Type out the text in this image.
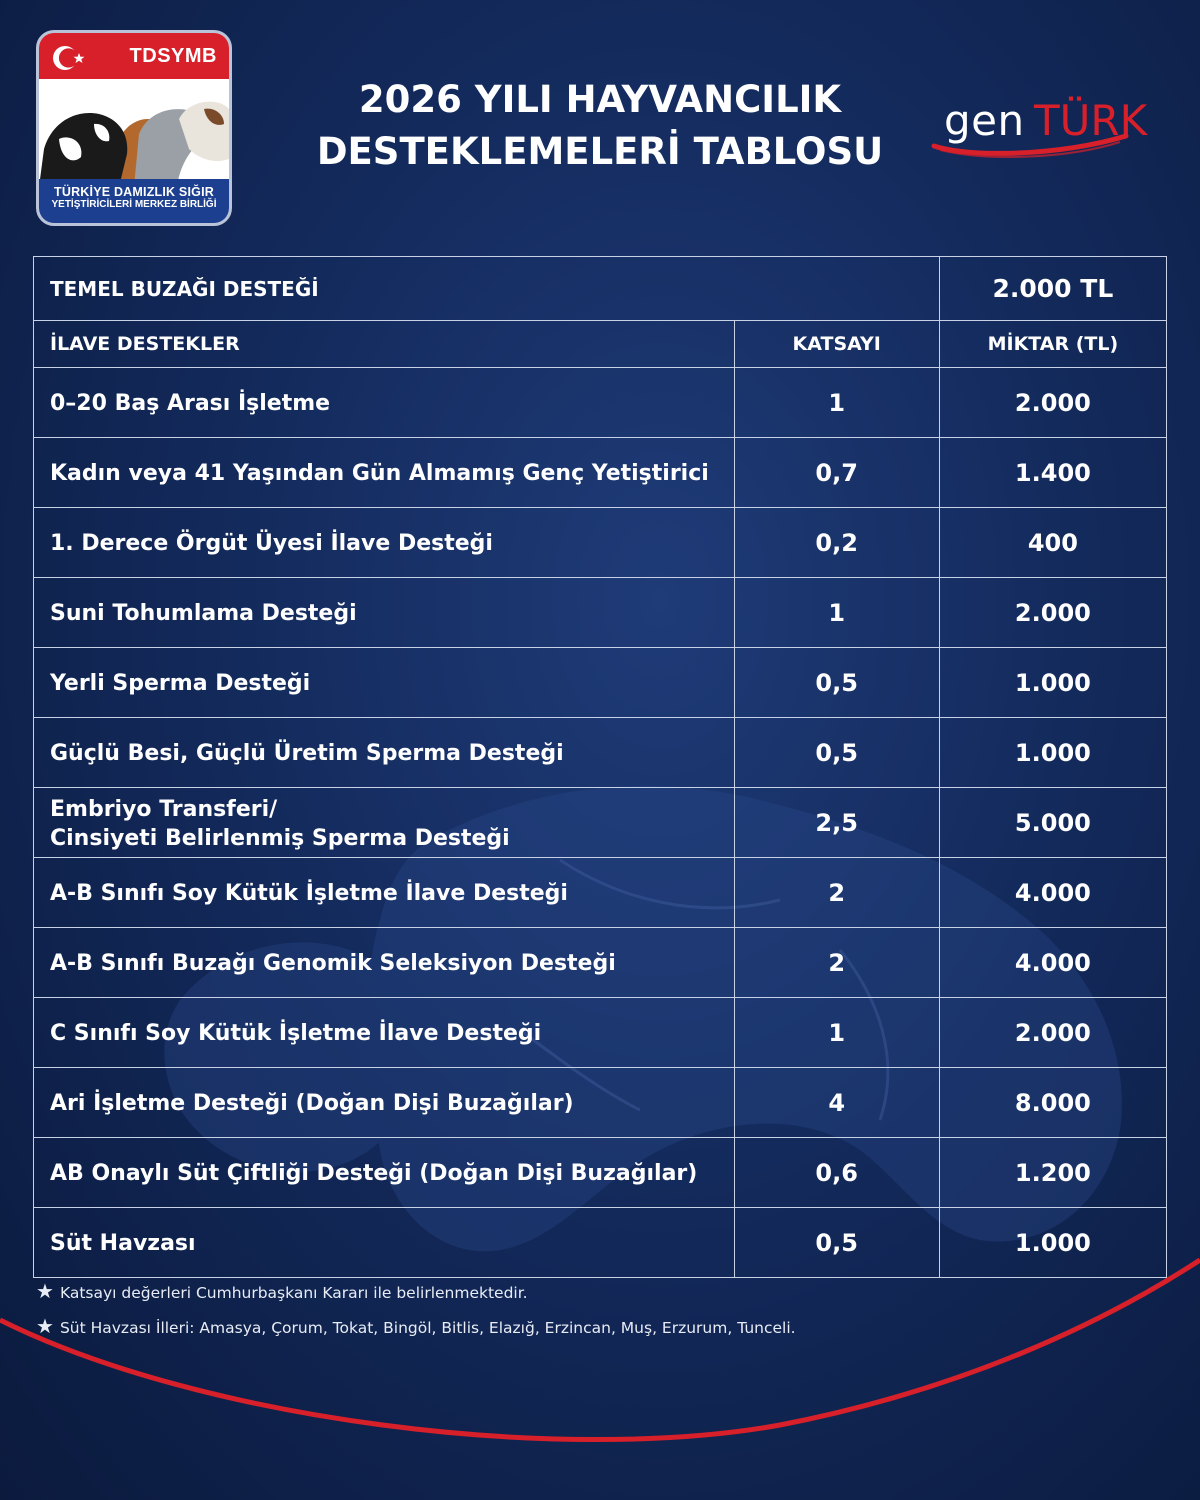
TDSYMB
TÜRKİYE DAMIZLIK SIĞIR
YETİŞTİRİCİLERİ MERKEZ BİRLİĞİ
2026 YILI HAYVANCILIK
DESTEKLEMELERİ TABLOSU
gen TÜRK
TEMEL BUZAĞI DESTEĞİ		2.000 TL
İLAVE DESTEKLER	KATSAYI	MİKTAR (TL)
0–20 Baş Arası İşletme	1	2.000
Kadın veya 41 Yaşından Gün Almamış Genç Yetiştirici	0,7	1.400
1. Derece Örgüt Üyesi İlave Desteği	0,2	400
Suni Tohumlama Desteği	1	2.000
Yerli Sperma Desteği	0,5	1.000
Güçlü Besi, Güçlü Üretim Sperma Desteği	0,5	1.000

Embriyo Transferi/
Cinsiyeti Belirlenmiş Sperma Desteği	2,5	5.000
A-B Sınıfı Soy Kütük İşletme İlave Desteği	2	4.000
A-B Sınıfı Buzağı Genomik Seleksiyon Desteği	2	4.000
C Sınıfı Soy Kütük İşletme İlave Desteği	1	2.000
Ari İşletme Desteği (Doğan Dişi Buzağılar)	4	8.000
AB Onaylı Süt Çiftliği Desteği (Doğan Dişi Buzağılar)	0,6	1.200
Süt Havzası	0,5	1.000
★ Katsayı değerleri Cumhurbaşkanı Kararı ile belirlenmektedir.
★ Süt Havzası İlleri: Amasya, Çorum, Tokat, Bingöl, Bitlis, Elazığ, Erzincan, Muş, Erzurum, Tunceli.
